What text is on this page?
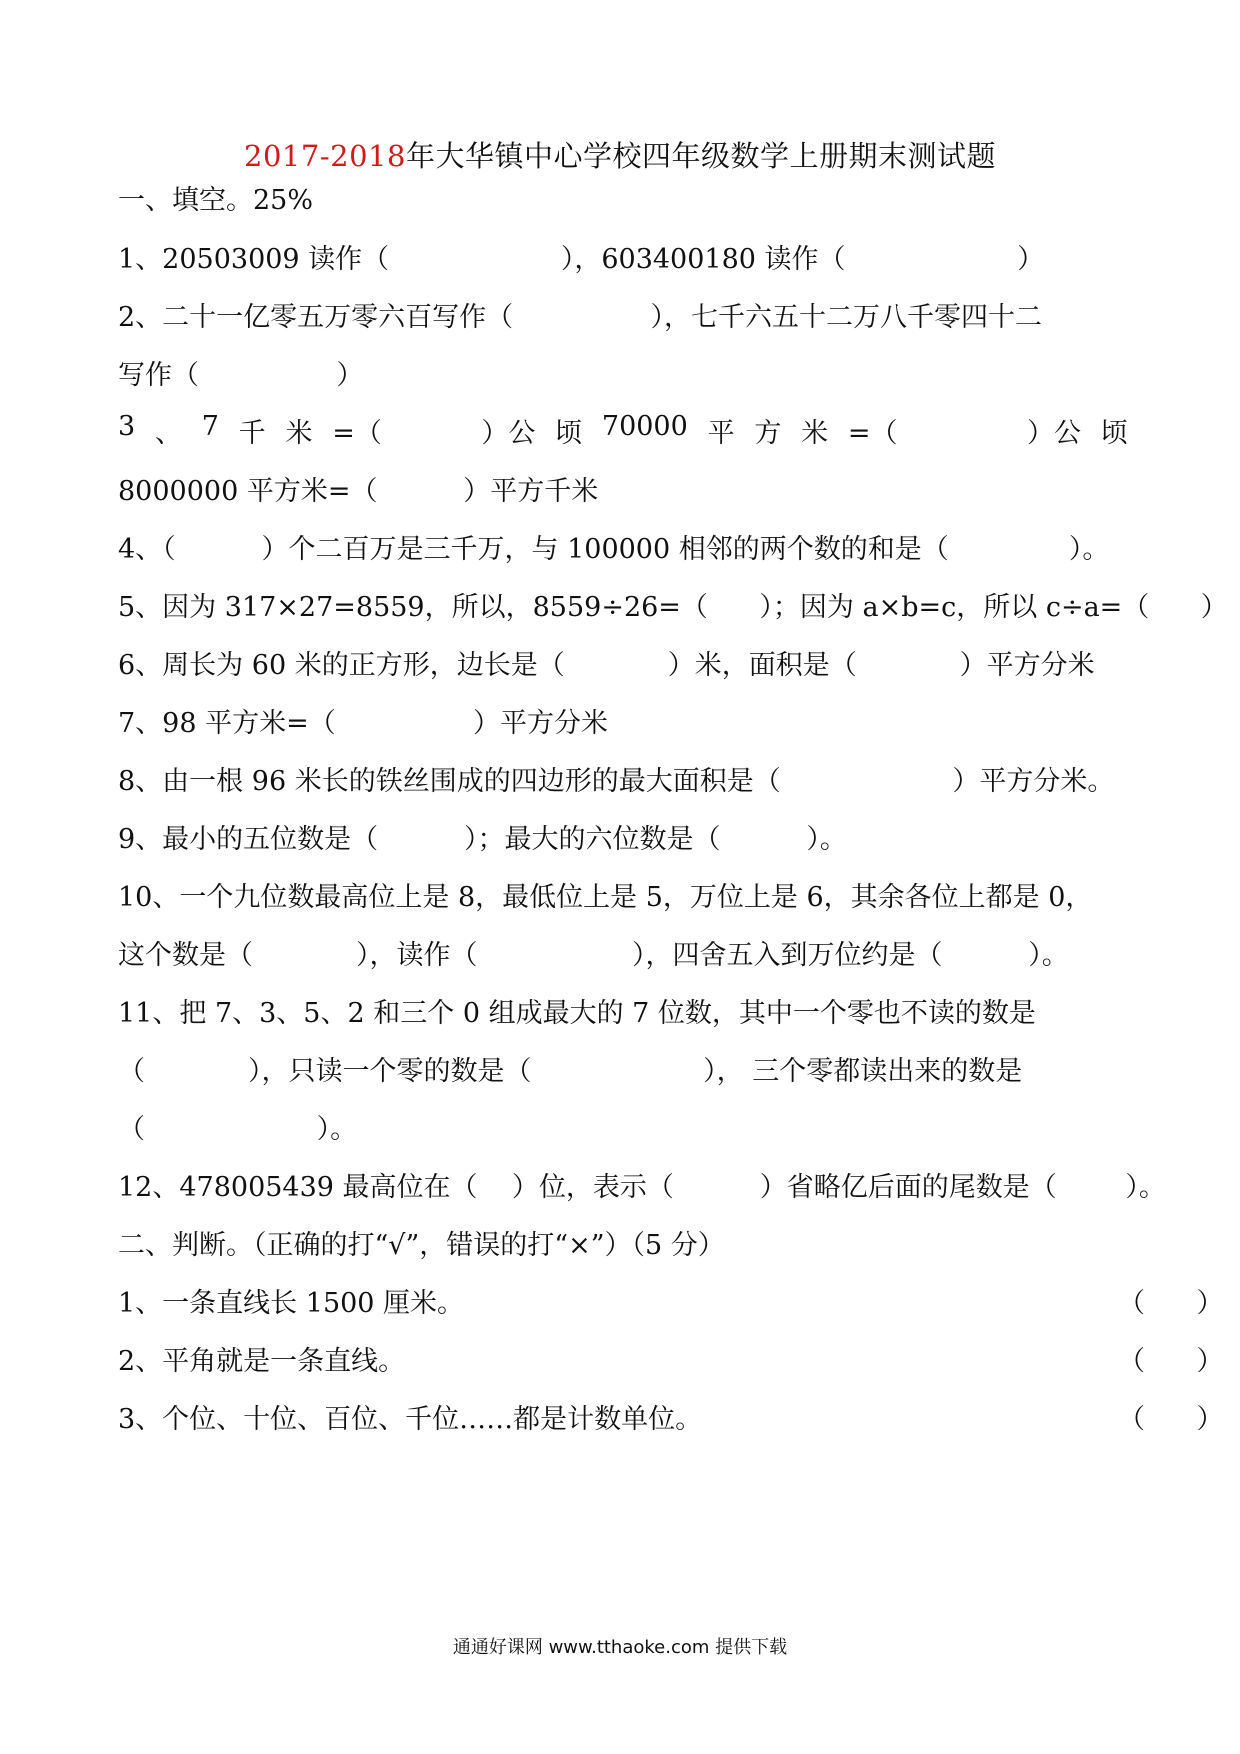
2017-2018年大华镇中心学校四年级数学上册期末测试题
一、填空。25%
1、20503009 读作（                    ），603400180 读作（                    ）
2、二十一亿零五万零六百写作（                ），七千六五十二万八千零四十二
写作（                ）
3 、 7 千 米 =（	）公 顷 70000 平 方 米 =（	）公 顷
8000000 平方米=（          ）平方千米
4、（          ）个二百万是三千万，与 100000 相邻的两个数的和是（              ）。
5、因为 317×27=8559，所以，8559÷26=（      ）；因为 a×b=c，所以 c÷a=（      ）
6、周长为 60 米的正方形，边长是（            ）米，面积是（            ）平方分米
7、98 平方米=（                ）平方分米
8、由一根 96 米长的铁丝围成的四边形的最大面积是（                    ）平方分米。
9、最小的五位数是（          ）；最大的六位数是（          ）。
10、一个九位数最高位上是 8，最低位上是 5，万位上是 6，其余各位上都是 0，
这个数是（            ），读作（                  ），四舍五入到万位约是（          ）。
11、把 7、3、5、2 和三个 0 组成最大的 7 位数，其中一个零也不读的数是
（            ），只读一个零的数是（                    ）， 三个零都读出来的数是
（                    ）。
12、478005439 最高位在（    ）位，表示（          ）省略亿后面的尾数是（        ）。
二、判断。（正确的打“√”，错误的打“×”）（5 分）
1、一条直线长 1500 厘米。	（      ）
2、平角就是一条直线。	（      ）
3、个位、十位、百位、千位……都是计数单位。	（      ）
通通好课网 www.tthaoke.com 提供下载
